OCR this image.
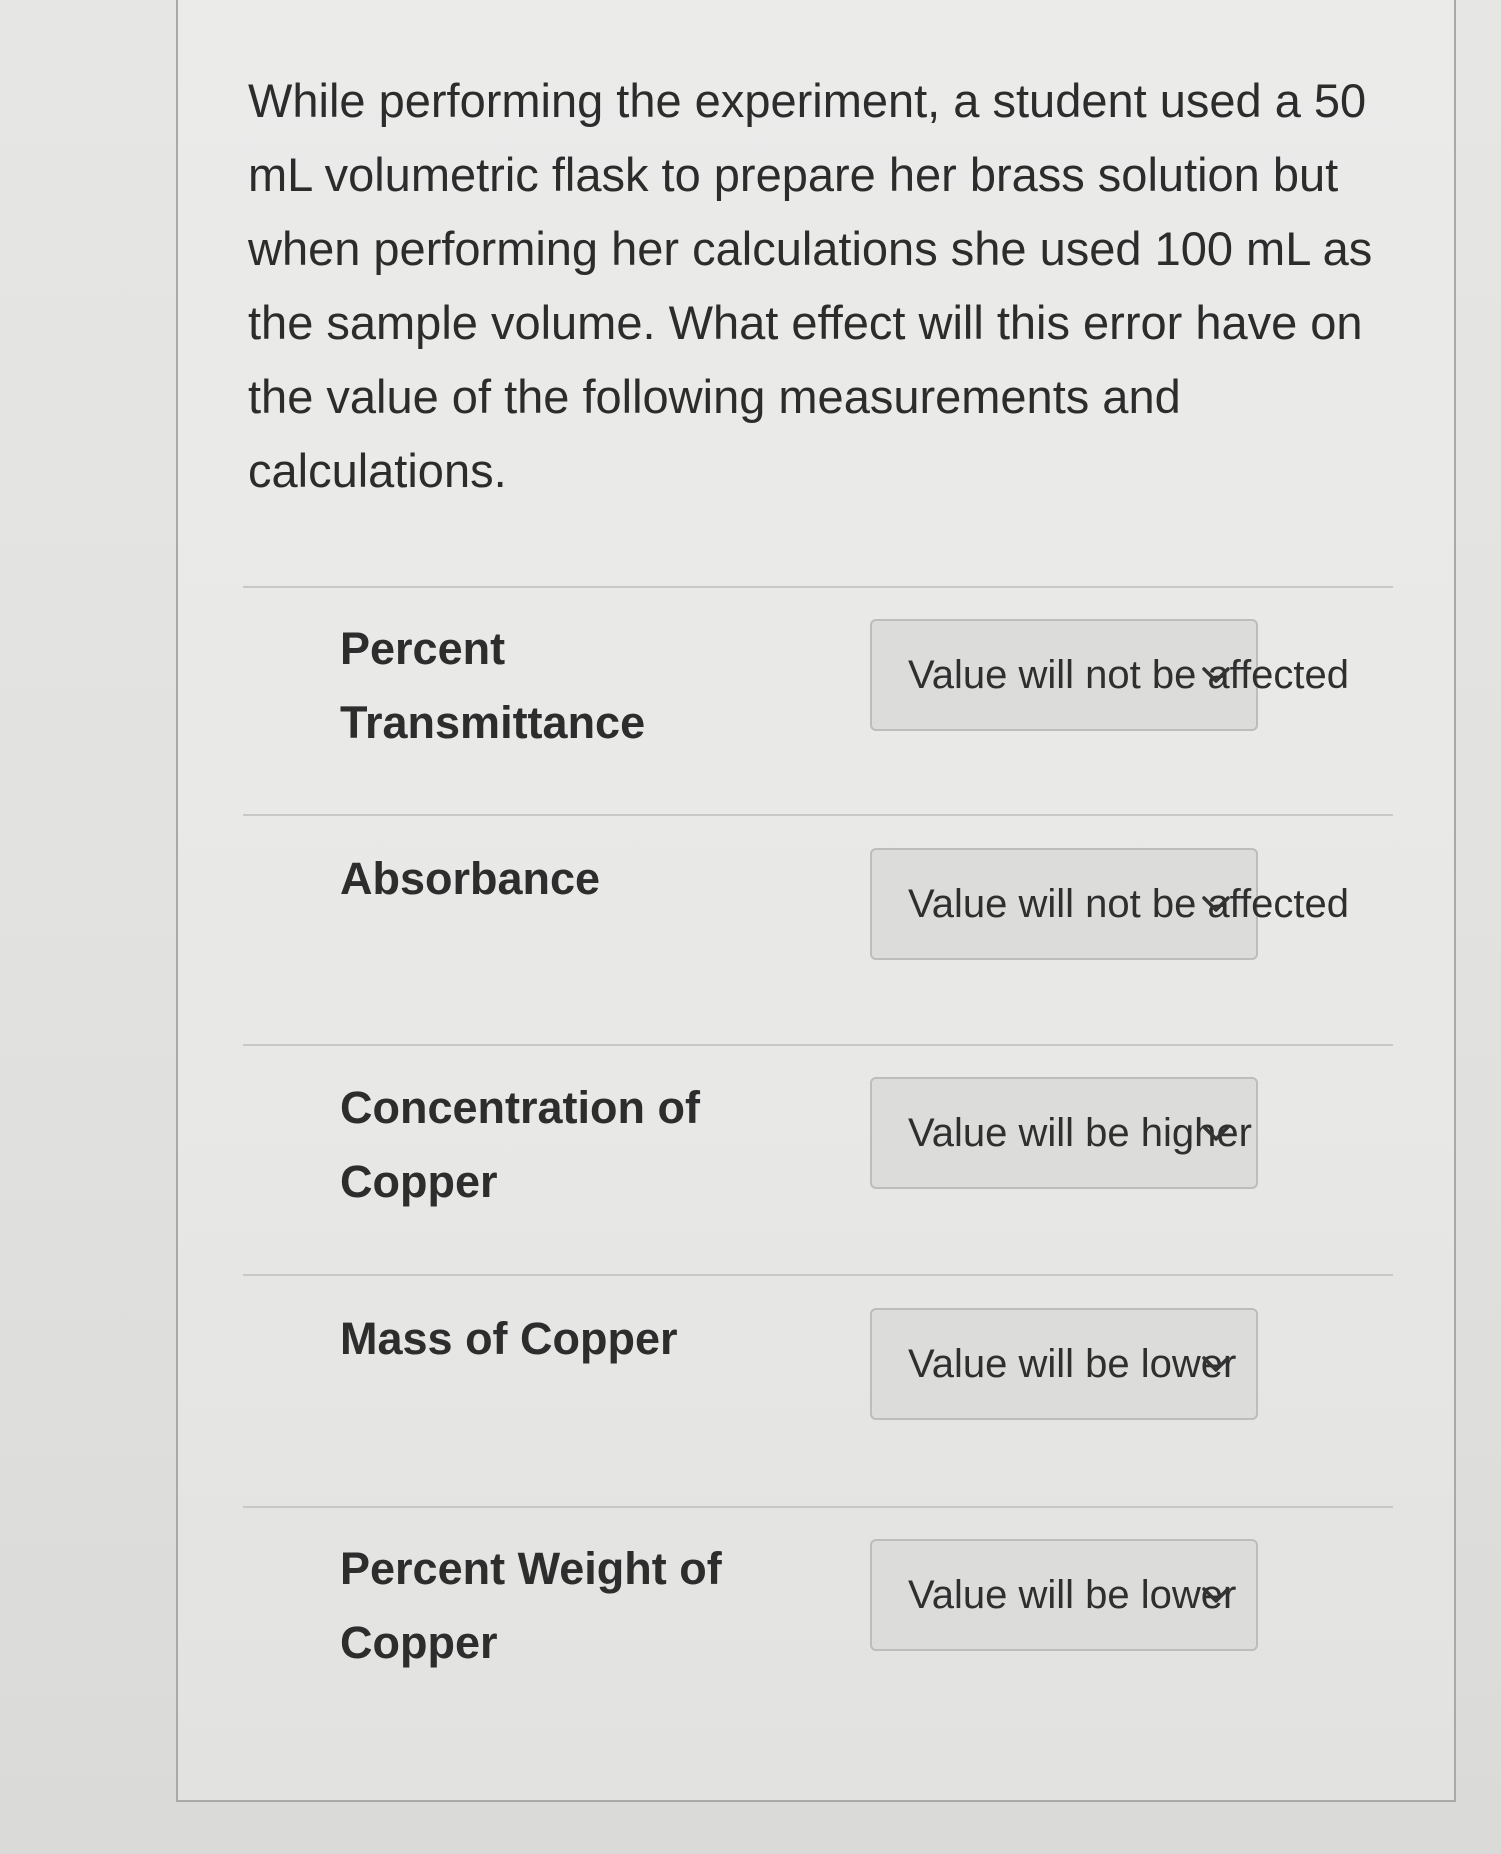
While performing the experiment, a student used a 50 mL volumetric flask to prepare her brass solution but when performing her calculations she used 100 mL as the sample volume. What effect will this error have on the value of the following measurements and calculations.

Percent Transmittance
Value will not be affected
Absorbance	Value will not be affected
Concentration of Copper
Value will be higher
Mass of Copper	Value will be lower
Percent Weight of Copper
Value will be lower
